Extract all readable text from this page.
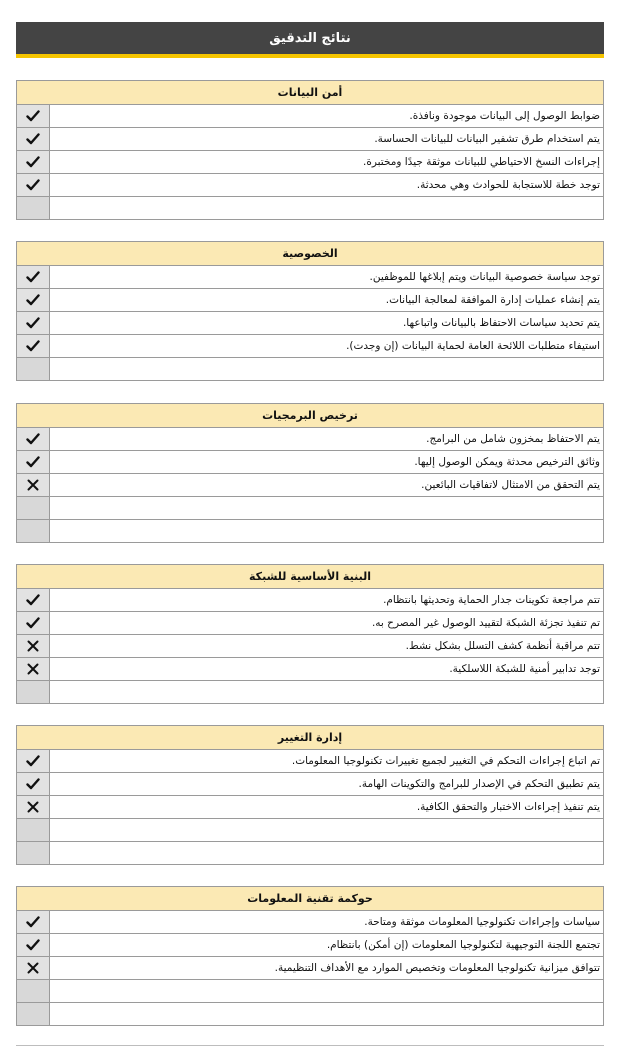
نتائج التدقيق
أمن البيانات
ضوابط الوصول إلى البيانات موجودة ونافذة.
يتم استخدام طرق تشفير البيانات للبيانات الحساسة.
إجراءات النسخ الاحتياطي للبيانات موثقة جيدًا ومختبرة.
توجد خطة للاستجابة للحوادث وهي محدثة.
الخصوصية
توجد سياسة خصوصية البيانات ويتم إبلاغها للموظفين.
يتم إنشاء عمليات إدارة الموافقة لمعالجة البيانات.
يتم تحديد سياسات الاحتفاظ بالبيانات واتباعها.
استيفاء متطلبات اللائحة العامة لحماية البيانات (إن وجدت).
ترخيص البرمجيات
يتم الاحتفاظ بمخزون شامل من البرامج.
وثائق الترخيص محدثة ويمكن الوصول إليها.
يتم التحقق من الامتثال لاتفاقيات البائعين.
البنية الأساسية للشبكة
تتم مراجعة تكوينات جدار الحماية وتحديثها بانتظام.
تم تنفيذ تجزئة الشبكة لتقييد الوصول غير المصرح به.
تتم مراقبة أنظمة كشف التسلل بشكل نشط.
توجد تدابير أمنية للشبكة اللاسلكية.
إدارة التغيير
تم اتباع إجراءات التحكم في التغيير لجميع تغييرات تكنولوجيا المعلومات.
يتم تطبيق التحكم في الإصدار للبرامج والتكوينات الهامة.
يتم تنفيذ إجراءات الاختبار والتحقق الكافية.
حوكمة تقنية المعلومات
سياسات وإجراءات تكنولوجيا المعلومات موثقة ومتاحة.
تجتمع اللجنة التوجيهية لتكنولوجيا المعلومات (إن أمكن) بانتظام.
تتوافق ميزانية تكنولوجيا المعلومات وتخصيص الموارد مع الأهداف التنظيمية.
